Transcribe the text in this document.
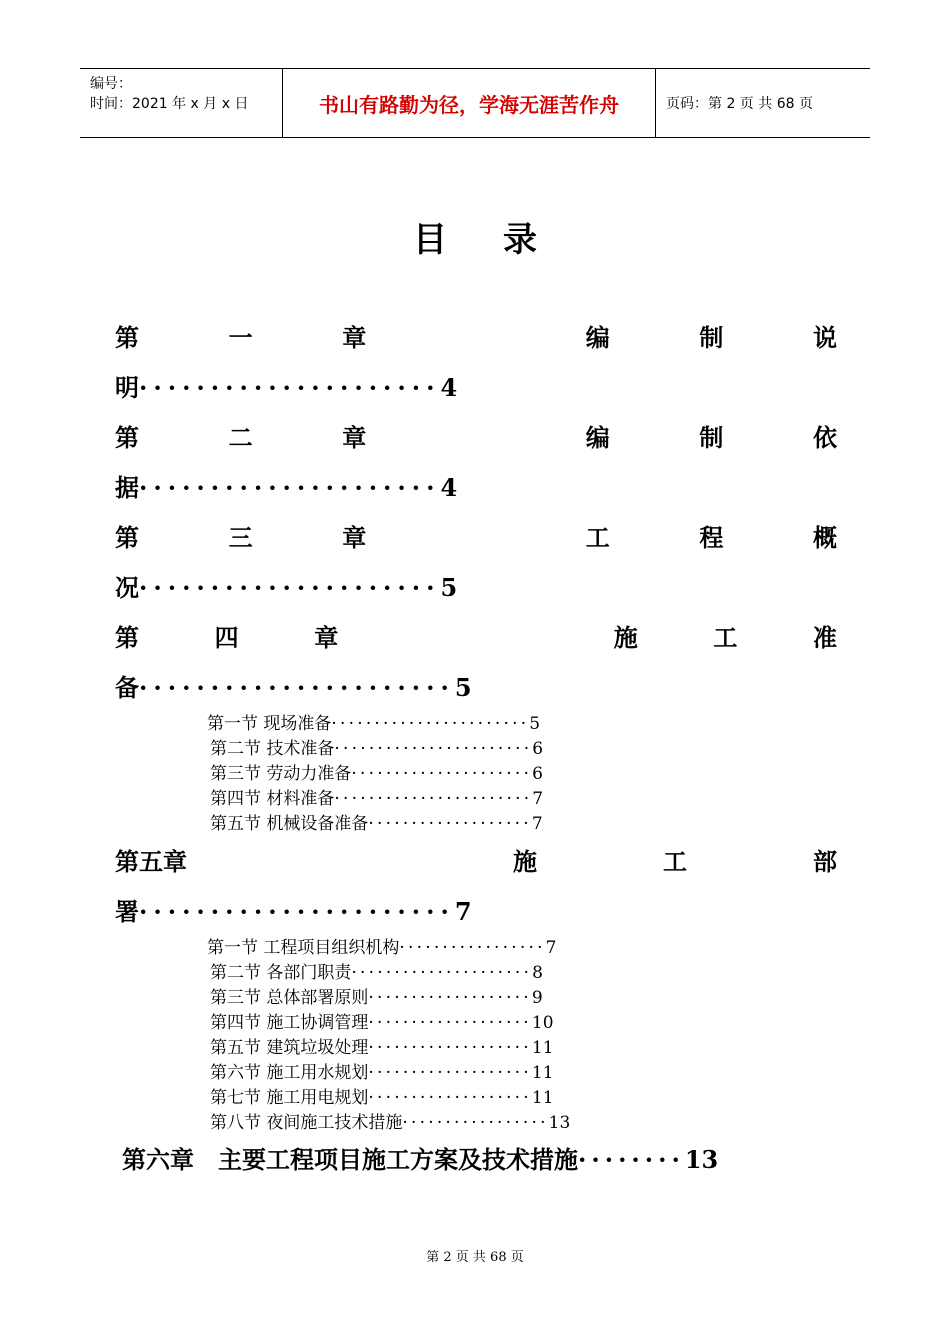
编号：
时间：2021 年 x 月 x 日	书山有路勤为径，学海无涯苦作舟	页码：第 2 页 共 68 页
目 录
第	一	章	编	制	说
明·····················4
第	二	章	编	制	依
据·····················4
第	三	章	工	程	概
况·····················5
第	四	章	施	工	准
备······················5
第一节 现场准备·······················5
第二节 技术准备·······················6
第三节 劳动力准备·····················6
第四节 材料准备·······················7
第五节 机械设备准备···················7
第五章	施	工	部
署······················7
第一节 工程项目组织机构·················7
第二节 各部门职责·····················8
第三节 总体部署原则···················9
第四节 施工协调管理···················10
第五节 建筑垃圾处理···················11
第六节 施工用水规划···················11
第七节 施工用电规划···················11
第八节 夜间施工技术措施·················13
第六章　主要工程项目施工方案及技术措施········13
第 2 页 共 68 页
